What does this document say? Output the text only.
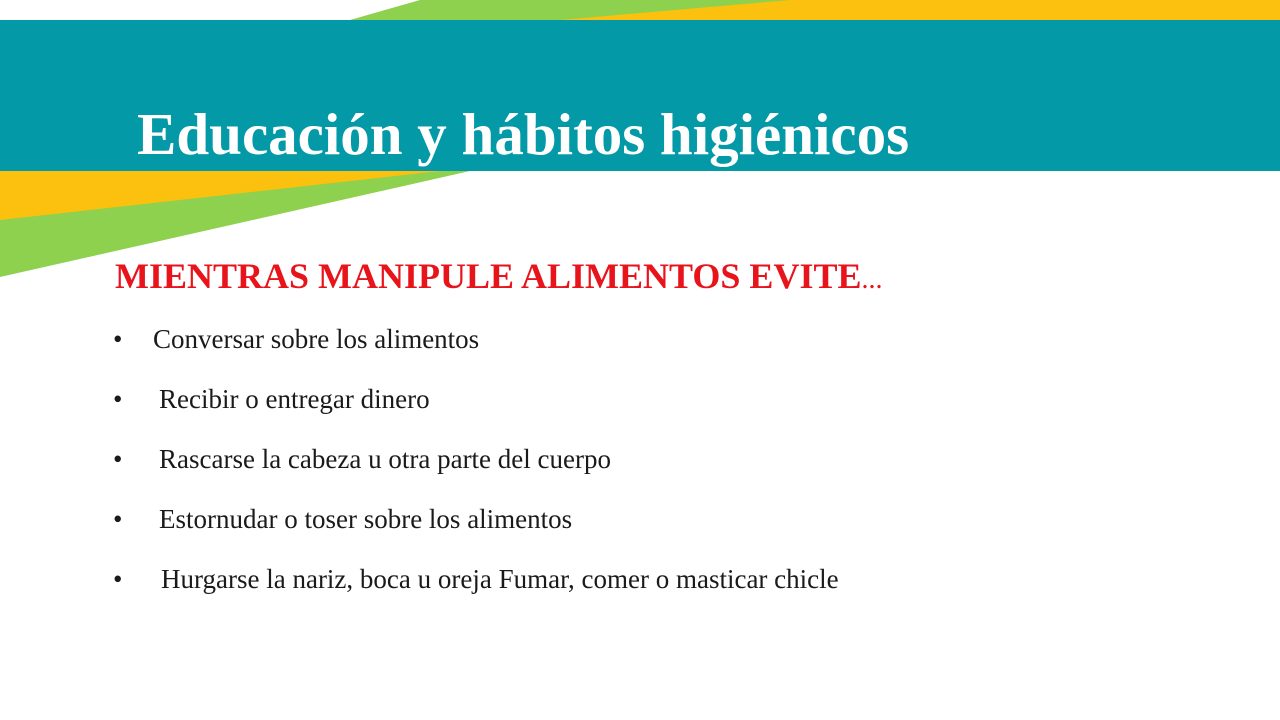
Educación y hábitos higiénicos
MIENTRAS MANIPULE ALIMENTOS EVITE...
• Conversar sobre los alimentos
• Recibir o entregar dinero
• Rascarse la cabeza u otra parte del cuerpo
• Estornudar o toser sobre los alimentos
• Hurgarse la nariz, boca u oreja Fumar, comer o masticar chicle
